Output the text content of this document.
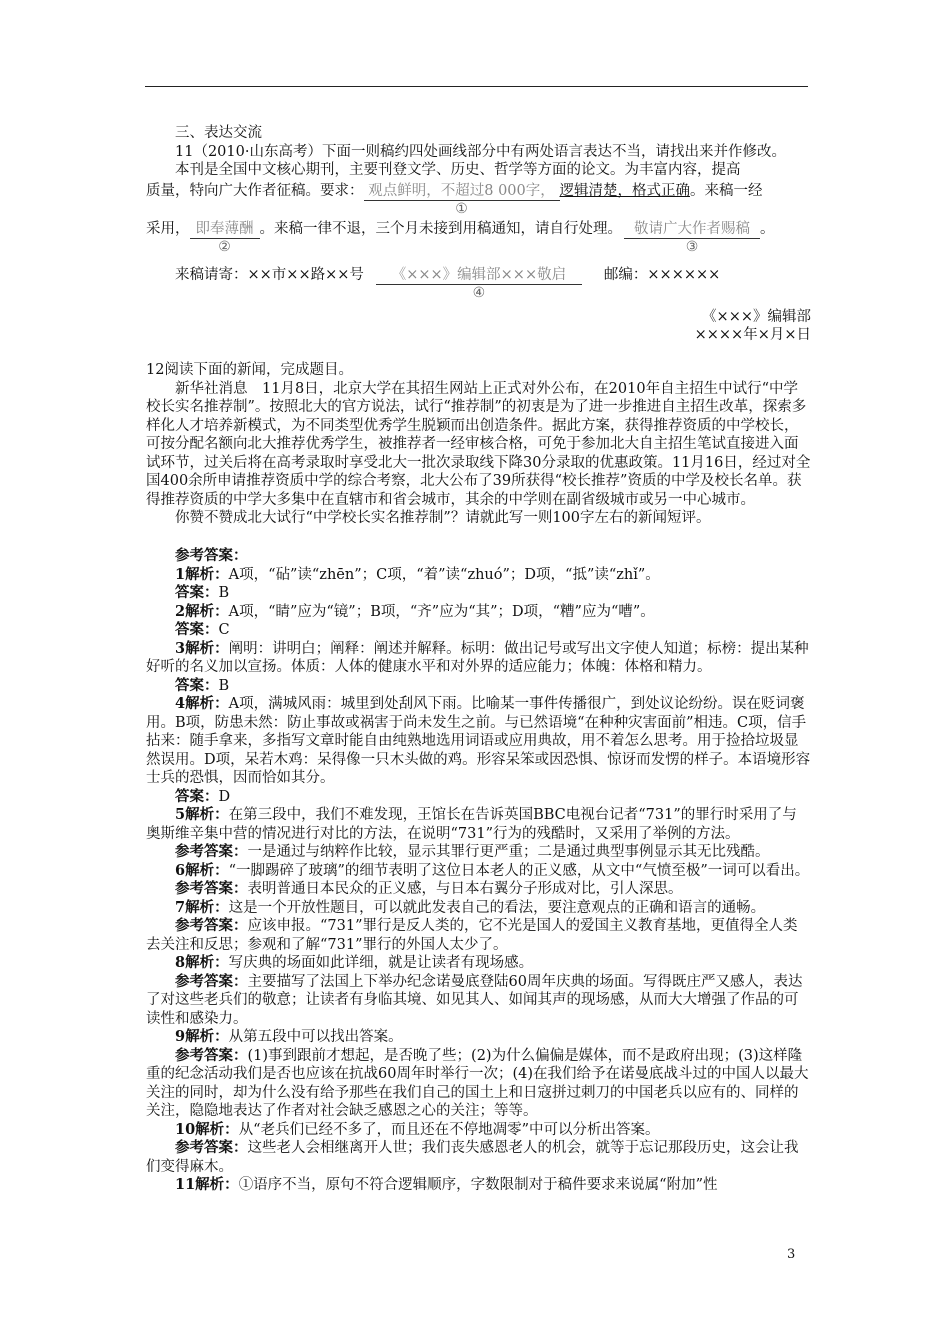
三、表达交流

11（2010·山东高考）下面一则稿约四处画线部分中有两处语言表达不当，请找出来并作修改。

本刊是全国中文核心期刊，主要刊登文学、历史、哲学等方面的论文。为丰富内容，提高

质量，特向广大作者征稿。要求： 观点鲜明，不超过8 000字，
①
逻辑清楚，格式正确。来稿一经

采用， 即奉薄酬
②
。来稿一律不退，三个月未接到用稿通知，请自行处理。 敬请广大作者赐稿
③
。

来稿请寄：××市××路××号 《×××》编辑部×××敬启
④
邮编：××××××

《×××》编辑部

××××年×月×日

12阅读下面的新闻，完成题目。

新华社消息　11月8日，北京大学在其招生网站上正式对外公布，在2010年自主招生中试行“中学校长实名推荐制”。按照北大的官方说法，试行“推荐制”的初衷是为了进一步推进自主招生改革，探索多样化人才培养新模式，为不同类型优秀学生脱颖而出创造条件。据此方案，获得推荐资质的中学校长，可按分配名额向北大推荐优秀学生，被推荐者一经审核合格，可免于参加北大自主招生笔试直接进入面试环节，过关后将在高考录取时享受北大一批次录取线下降30分录取的优惠政策。11月16日，经过对全国400余所申请推荐资质中学的综合考察，北大公布了39所获得“校长推荐”资质的中学及校长名单。获得推荐资质的中学大多集中在直辖市和省会城市，其余的中学则在副省级城市或另一中心城市。

你赞不赞成北大试行“中学校长实名推荐制”？请就此写一则100字左右的新闻短评。

参考答案：

1解析：A项，“砧”读“zhēn”；C项，“着”读“zhuó”；D项，“抵”读“zhǐ”。

答案：B

2解析：A项，“睛”应为“镜”；B项，“齐”应为“其”；D项，“糟”应为“嘈”。

答案：C

3解析：阐明：讲明白；阐释：阐述并解释。标明：做出记号或写出文字使人知道；标榜：提出某种好听的名义加以宣扬。体质：人体的健康水平和对外界的适应能力；体魄：体格和精力。

答案：B

4解析：A项，满城风雨：城里到处刮风下雨。比喻某一事件传播很广，到处议论纷纷。误在贬词褒用。B项，防患未然：防止事故或祸害于尚未发生之前。与已然语境“在种种灾害面前”相违。C项，信手拈来：随手拿来，多指写文章时能自由纯熟地选用词语或应用典故，用不着怎么思考。用于捡拾垃圾显然误用。D项，呆若木鸡：呆得像一只木头做的鸡。形容呆笨或因恐惧、惊讶而发愣的样子。本语境形容士兵的恐惧，因而恰如其分。

答案：D

5解析：在第三段中，我们不难发现，王馆长在告诉英国BBC电视台记者“731”的罪行时采用了与奥斯维辛集中营的情况进行对比的方法，在说明“731”行为的残酷时，又采用了举例的方法。

参考答案：一是通过与纳粹作比较，显示其罪行更严重；二是通过典型事例显示其无比残酷。

6解析：“一脚踢碎了玻璃”的细节表明了这位日本老人的正义感，从文中“气愤至极”一词可以看出。

参考答案：表明普通日本民众的正义感，与日本右翼分子形成对比，引人深思。

7解析：这是一个开放性题目，可以就此发表自己的看法，要注意观点的正确和语言的通畅。

参考答案：应该申报。“731”罪行是反人类的，它不光是国人的爱国主义教育基地，更值得全人类去关注和反思；参观和了解“731”罪行的外国人太少了。

8解析：写庆典的场面如此详细，就是让读者有现场感。

参考答案：主要描写了法国上下举办纪念诺曼底登陆60周年庆典的场面。写得既庄严又感人，表达了对这些老兵们的敬意；让读者有身临其境、如见其人、如闻其声的现场感，从而大大增强了作品的可读性和感染力。

9解析：从第五段中可以找出答案。

参考答案：(1)事到跟前才想起，是否晚了些；(2)为什么偏偏是媒体，而不是政府出现；(3)这样隆重的纪念活动我们是否也应该在抗战60周年时举行一次；(4)在我们给予在诺曼底战斗过的中国人以最大关注的同时，却为什么没有给予那些在我们自己的国土上和日寇拼过刺刀的中国老兵以应有的、同样的关注，隐隐地表达了作者对社会缺乏感恩之心的关注；等等。

10解析：从“老兵们已经不多了，而且还在不停地凋零”中可以分析出答案。

参考答案：这些老人会相继离开人世；我们丧失感恩老人的机会，就等于忘记那段历史，这会让我们变得麻木。

11解析：①语序不当，原句不符合逻辑顺序，字数限制对于稿件要求来说属“附加”性

3
